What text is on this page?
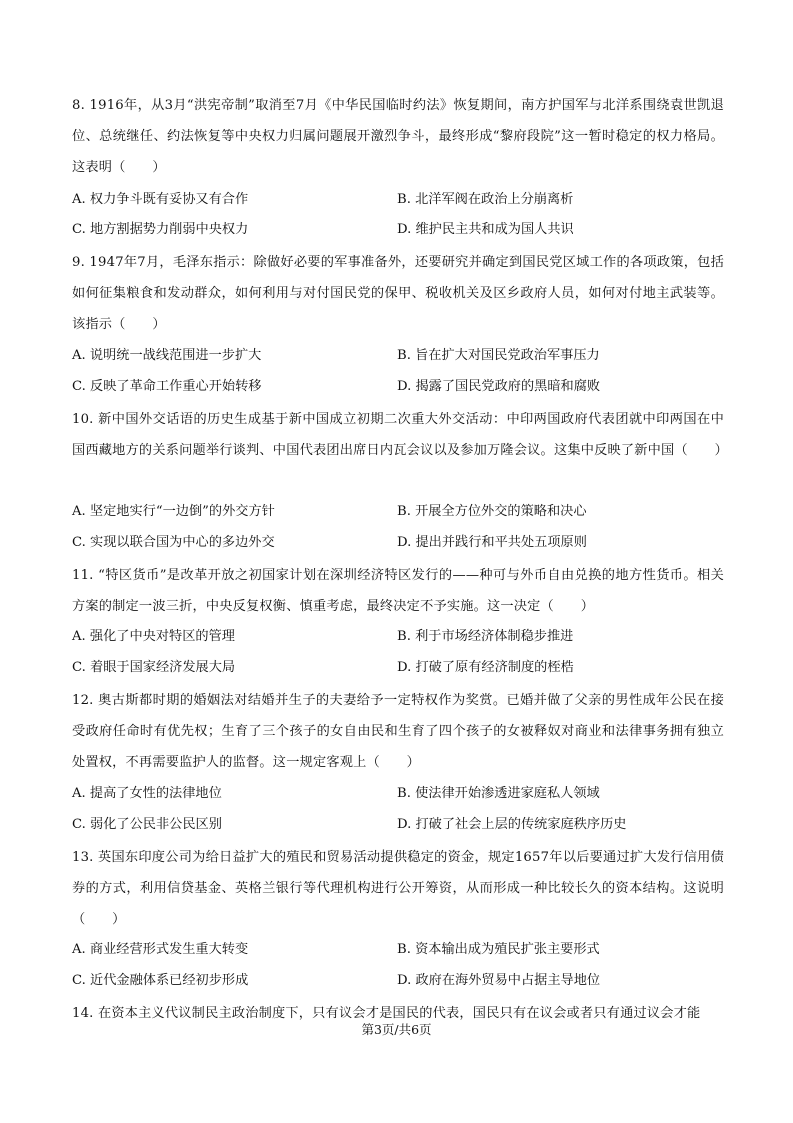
8. 1916年，从3月“洪宪帝制”取消至7月《中华民国临时约法》恢复期间，南方护国军与北洋系围绕袁世凯退位、总统继任、约法恢复等中央权力归属问题展开激烈争斗，最终形成“黎府段院”这一暂时稳定的权力格局。这表明（　　）

A. 权力争斗既有妥协又有合作	B. 北洋军阀在政治上分崩离析

C. 地方割据势力削弱中央权力	D. 维护民主共和成为国人共识

9. 1947年7月，毛泽东指示：除做好必要的军事准备外，还要研究并确定到国民党区域工作的各项政策，包括如何征集粮食和发动群众，如何利用与对付国民党的保甲、税收机关及区乡政府人员，如何对付地主武装等。该指示（　　）

A. 说明统一战线范围进一步扩大	B. 旨在扩大对国民党政治军事压力

C. 反映了革命工作重心开始转移	D. 揭露了国民党政府的黑暗和腐败

10. 新中国外交话语的历史生成基于新中国成立初期二次重大外交活动：中印两国政府代表团就中印两国在中国西藏地方的关系问题举行谈判、中国代表团出席日内瓦会议以及参加万隆会议。这集中反映了新中国（　　）

A. 坚定地实行“一边倒”的外交方针	B. 开展全方位外交的策略和决心

C. 实现以联合国为中心的多边外交	D. 提出并践行和平共处五项原则

11. “特区货币”是改革开放之初国家计划在深圳经济特区发行的——种可与外币自由兑换的地方性货币。相关方案的制定一波三折，中央反复权衡、慎重考虑，最终决定不予实施。这一决定（　　）

A. 强化了中央对特区的管理	B. 利于市场经济体制稳步推进

C. 着眼于国家经济发展大局	D. 打破了原有经济制度的桎梏

12. 奥古斯都时期的婚姻法对结婚并生子的夫妻给予一定特权作为奖赏。已婚并做了父亲的男性成年公民在接受政府任命时有优先权；生育了三个孩子的女自由民和生育了四个孩子的女被释奴对商业和法律事务拥有独立处置权，不再需要监护人的监督。这一规定客观上（　　）

A. 提高了女性的法律地位	B. 使法律开始渗透进家庭私人领域

C. 弱化了公民非公民区别	D. 打破了社会上层的传统家庭秩序历史

13. 英国东印度公司为给日益扩大的殖民和贸易活动提供稳定的资金，规定1657年以后要通过扩大发行信用债券的方式，利用信贷基金、英格兰银行等代理机构进行公开筹资，从而形成一种比较长久的资本结构。这说明（　　）

A. 商业经营形式发生重大转变	B. 资本输出成为殖民扩张主要形式

C. 近代金融体系已经初步形成	D. 政府在海外贸易中占据主导地位

14. 在资本主义代议制民主政治制度下，只有议会才是国民的代表，国民只有在议会或者只有通过议会才能

第3页/共6页
